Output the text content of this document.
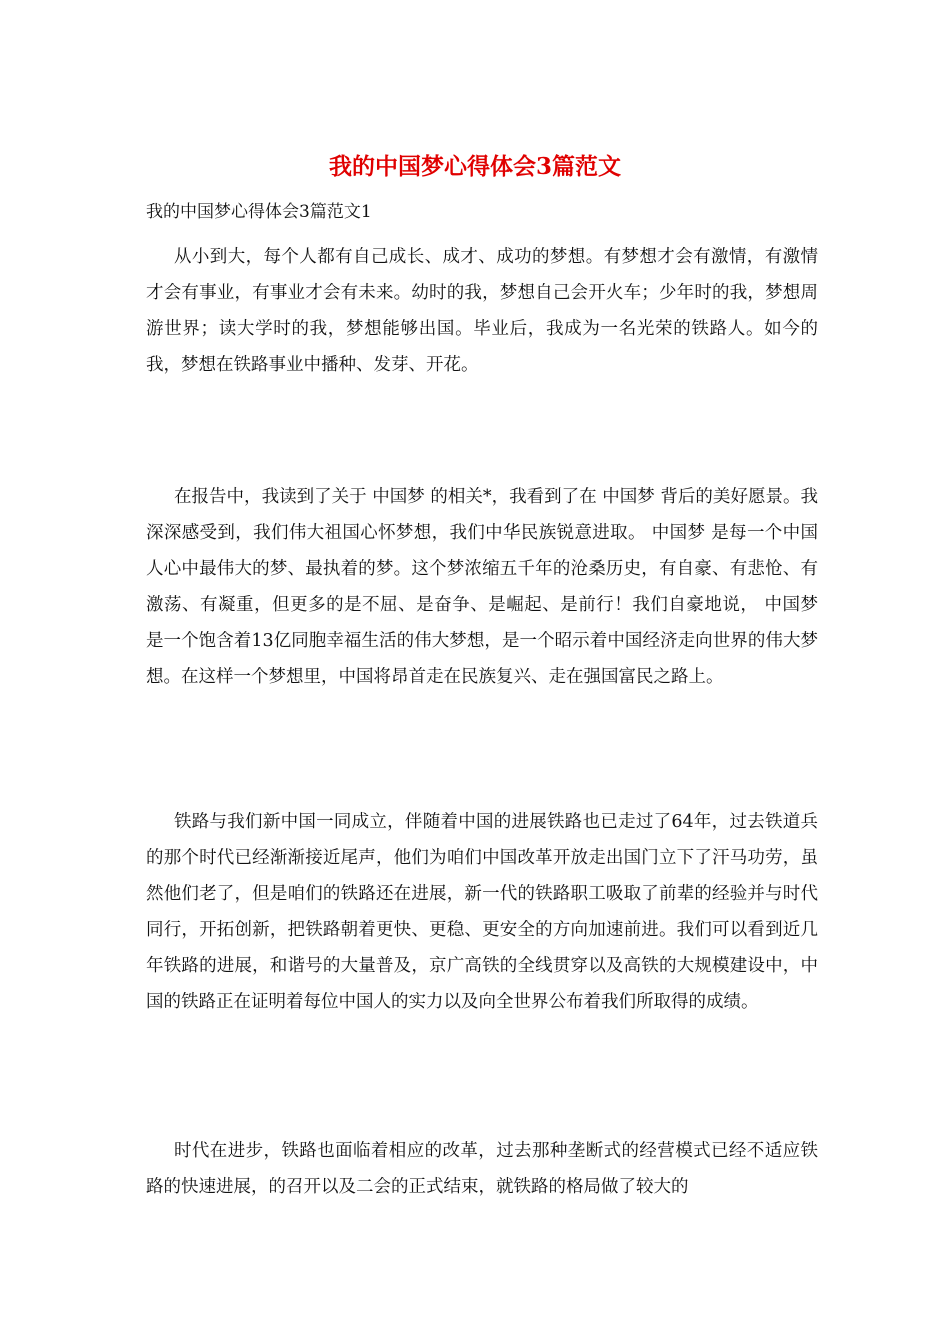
我的中国梦心得体会3篇范文

我的中国梦心得体会3篇范文1

从小到大，每个人都有自己成长、成才、成功的梦想。有梦想才会有激情，有激情才会有事业，有事业才会有未来。幼时的我，梦想自己会开火车；少年时的我，梦想周游世界；读大学时的我，梦想能够出国。毕业后，我成为一名光荣的铁路人。如今的我，梦想在铁路事业中播种、发芽、开花。

在报告中，我读到了关于 中国梦 的相关*，我看到了在 中国梦 背后的美好愿景。我深深感受到，我们伟大祖国心怀梦想，我们中华民族锐意进取。 中国梦 是每一个中国人心中最伟大的梦、最执着的梦。这个梦浓缩五千年的沧桑历史，有自豪、有悲怆、有激荡、有凝重，但更多的是不屈、是奋争、是崛起、是前行！我们自豪地说， 中国梦 是一个饱含着13亿同胞幸福生活的伟大梦想，是一个昭示着中国经济走向世界的伟大梦想。在这样一个梦想里，中国将昂首走在民族复兴、走在强国富民之路上。

铁路与我们新中国一同成立，伴随着中国的进展铁路也已走过了64年，过去铁道兵的那个时代已经渐渐接近尾声，他们为咱们中国改革开放走出国门立下了汗马功劳，虽然他们老了，但是咱们的铁路还在进展，新一代的铁路职工吸取了前辈的经验并与时代同行，开拓创新，把铁路朝着更快、更稳、更安全的方向加速前进。我们可以看到近几年铁路的进展，和谐号的大量普及，京广高铁的全线贯穿以及高铁的大规模建设中，中国的铁路正在证明着每位中国人的实力以及向全世界公布着我们所取得的成绩。

时代在进步，铁路也面临着相应的改革，过去那种垄断式的经营模式已经不适应铁路的快速进展，的召开以及二会的正式结束，就铁路的格局做了较大的
